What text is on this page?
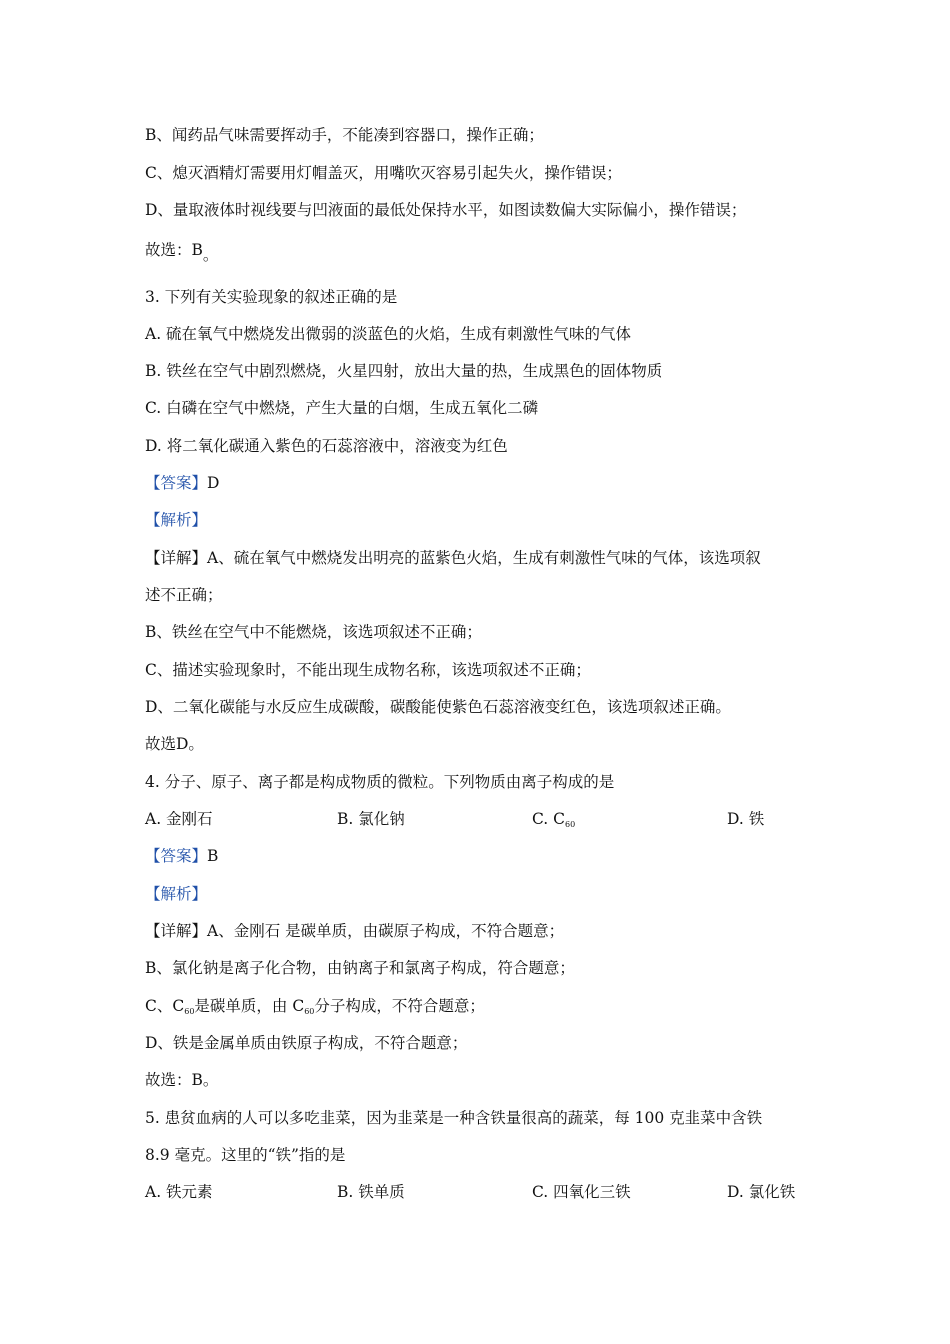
B、闻药品气味需要挥动手，不能凑到容器口，操作正确；
C、熄灭酒精灯需要用灯帽盖灭，用嘴吹灭容易引起失火，操作错误；
D、量取液体时视线要与凹液面的最低处保持水平，如图读数偏大实际偏小，操作错误；
故选：B。
3. 下列有关实验现象的叙述正确的是
A. 硫在氧气中燃烧发出微弱的淡蓝色的火焰，生成有刺激性气味的气体
B. 铁丝在空气中剧烈燃烧，火星四射，放出大量的热，生成黑色的固体物质
C. 白磷在空气中燃烧，产生大量的白烟，生成五氧化二磷
D. 将二氧化碳通入紫色的石蕊溶液中，溶液变为红色
【答案】D
【解析】
【详解】A、硫在氧气中燃烧发出明亮的蓝紫色火焰，生成有刺激性气味的气体，该选项叙
述不正确；
B、铁丝在空气中不能燃烧，该选项叙述不正确；
C、描述实验现象时，不能出现生成物名称，该选项叙述不正确；
D、二氧化碳能与水反应生成碳酸，碳酸能使紫色石蕊溶液变红色，该选项叙述正确。
故选D。
4. 分子、原子、离子都是构成物质的微粒。下列物质由离子构成的是
A. 金刚石	B. 氯化钠	C. $C_{60}$	D. 铁
【答案】B
【解析】
【详解】A、金刚石 是碳单质，由碳原子构成，不符合题意；
B、氯化钠是离子化合物，由钠离子和氯离子构成，符合题意；
C、$C_{60}$是碳单质，由 $C_{60}$分子构成，不符合题意；
D、铁是金属单质由铁原子构成，不符合题意；
故选：B。
5. 患贫血病的人可以多吃韭菜，因为韭菜是一种含铁量很高的蔬菜，每 100 克韭菜中含铁
8.9 毫克。这里的“铁”指的是
A. 铁元素	B. 铁单质	C. 四氧化三铁	D. 氯化铁
